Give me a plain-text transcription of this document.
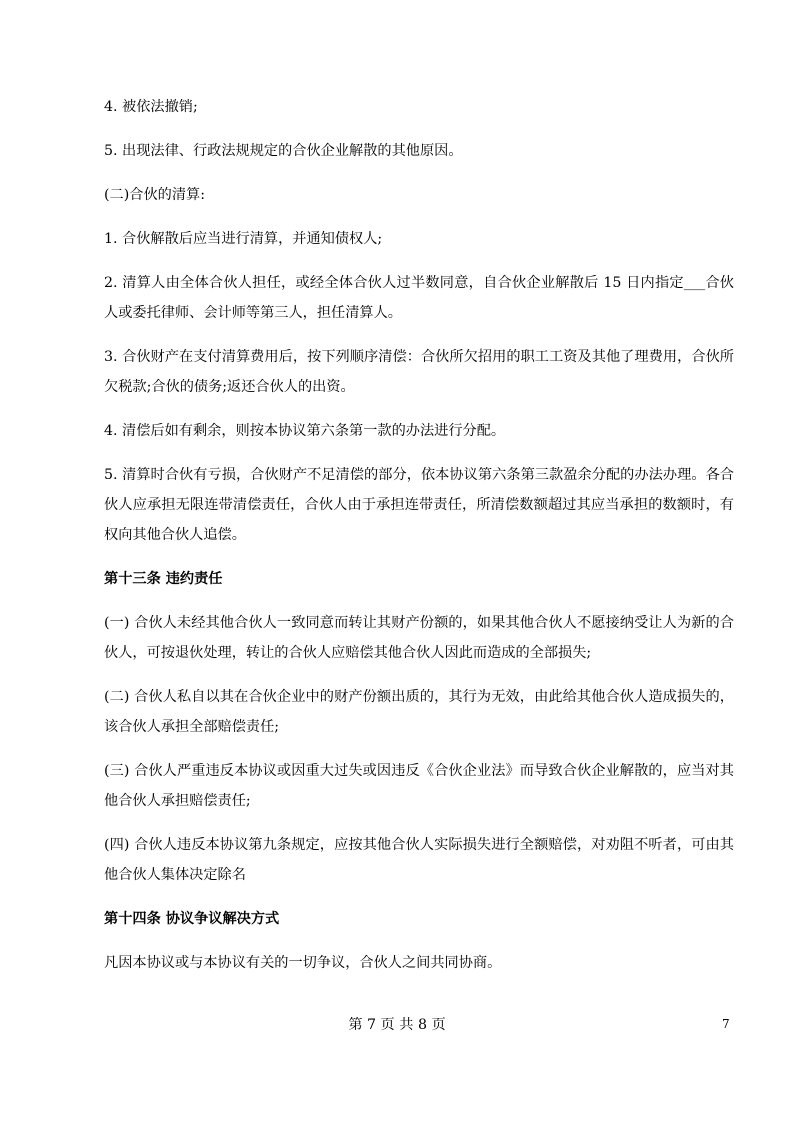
4. 被依法撤销;

5. 出现法律、行政法规规定的合伙企业解散的其他原因。

(二)合伙的清算:

1. 合伙解散后应当进行清算，并通知债权人;

2. 清算人由全体合伙人担任，或经全体合伙人过半数同意，自合伙企业解散后 15 日内指定___合伙人或委托律师、会计师等第三人，担任清算人。

3. 合伙财产在支付清算费用后，按下列顺序清偿：合伙所欠招用的职工工资及其他了理费用，合伙所欠税款;合伙的债务;返还合伙人的出资。

4. 清偿后如有剩余，则按本协议第六条第一款的办法进行分配。

5. 清算时合伙有亏损，合伙财产不足清偿的部分，依本协议第六条第三款盈余分配的办法办理。各合伙人应承担无限连带清偿责任，合伙人由于承担连带责任，所清偿数额超过其应当承担的数额时，有权向其他合伙人追偿。

第十三条 违约责任

(一) 合伙人未经其他合伙人一致同意而转让其财产份额的，如果其他合伙人不愿接纳受让人为新的合伙人，可按退伙处理，转让的合伙人应赔偿其他合伙人因此而造成的全部损失;

(二) 合伙人私自以其在合伙企业中的财产份额出质的，其行为无效，由此给其他合伙人造成损失的，该合伙人承担全部赔偿责任;

(三) 合伙人严重违反本协议或因重大过失或因违反《合伙企业法》而导致合伙企业解散的，应当对其他合伙人承担赔偿责任;

(四) 合伙人违反本协议第九条规定，应按其他合伙人实际损失进行全额赔偿，对劝阻不听者，可由其他合伙人集体决定除名

第十四条 协议争议解决方式

凡因本协议或与本协议有关的一切争议，合伙人之间共同协商。

第 7 页 共 8 页	7
